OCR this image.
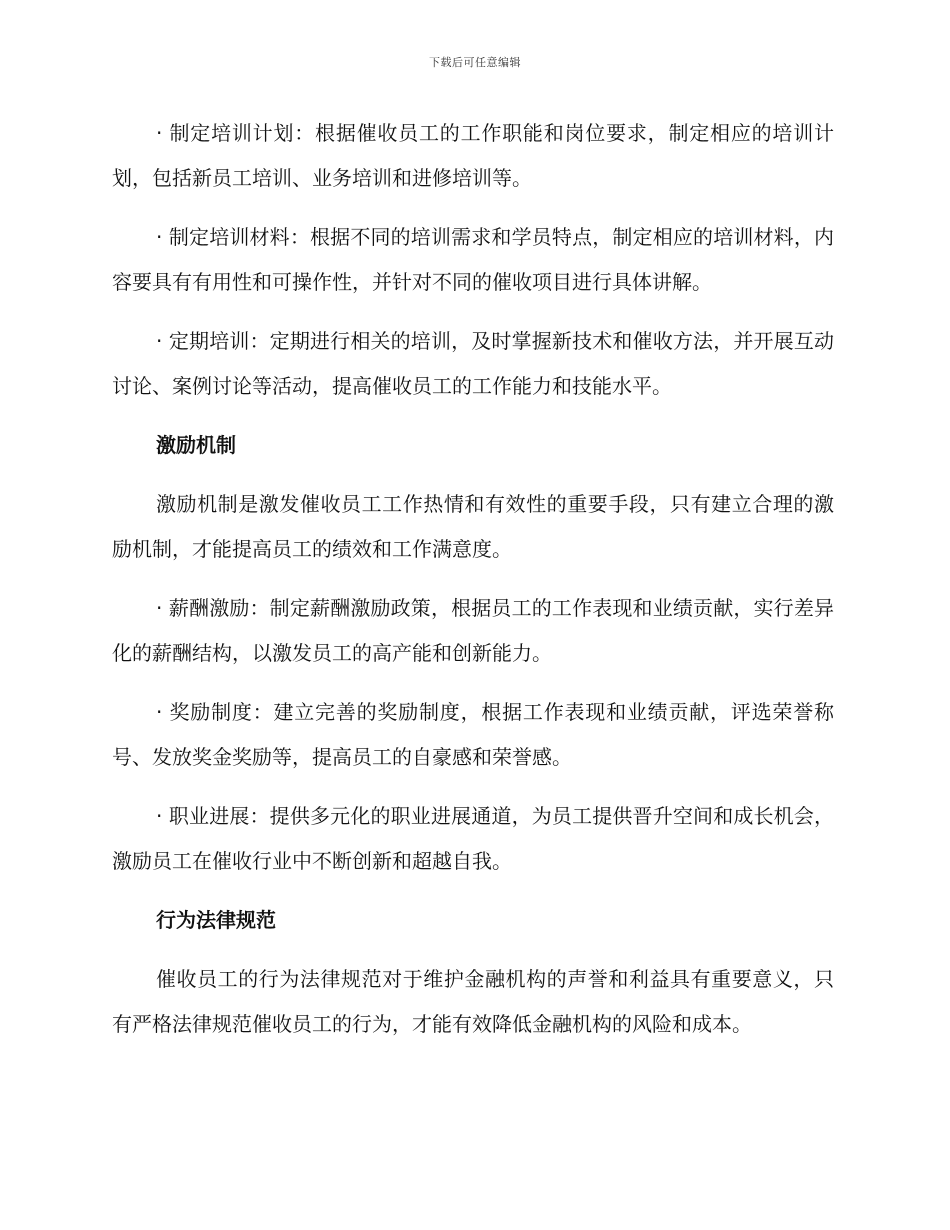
下载后可任意编辑

· 制定培训计划：根据催收员工的工作职能和岗位要求，制定相应的培训计划，包括新员工培训、业务培训和进修培训等。

· 制定培训材料：根据不同的培训需求和学员特点，制定相应的培训材料，内容要具有有用性和可操作性，并针对不同的催收项目进行具体讲解。

· 定期培训：定期进行相关的培训，及时掌握新技术和催收方法，并开展互动讨论、案例讨论等活动，提高催收员工的工作能力和技能水平。

激励机制

激励机制是激发催收员工工作热情和有效性的重要手段，只有建立合理的激励机制，才能提高员工的绩效和工作满意度。

· 薪酬激励：制定薪酬激励政策，根据员工的工作表现和业绩贡献，实行差异化的薪酬结构，以激发员工的高产能和创新能力。

· 奖励制度：建立完善的奖励制度，根据工作表现和业绩贡献，评选荣誉称号、发放奖金奖励等，提高员工的自豪感和荣誉感。

· 职业进展：提供多元化的职业进展通道，为员工提供晋升空间和成长机会，激励员工在催收行业中不断创新和超越自我。

行为法律规范

催收员工的行为法律规范对于维护金融机构的声誉和利益具有重要意义，只有严格法律规范催收员工的行为，才能有效降低金融机构的风险和成本。
